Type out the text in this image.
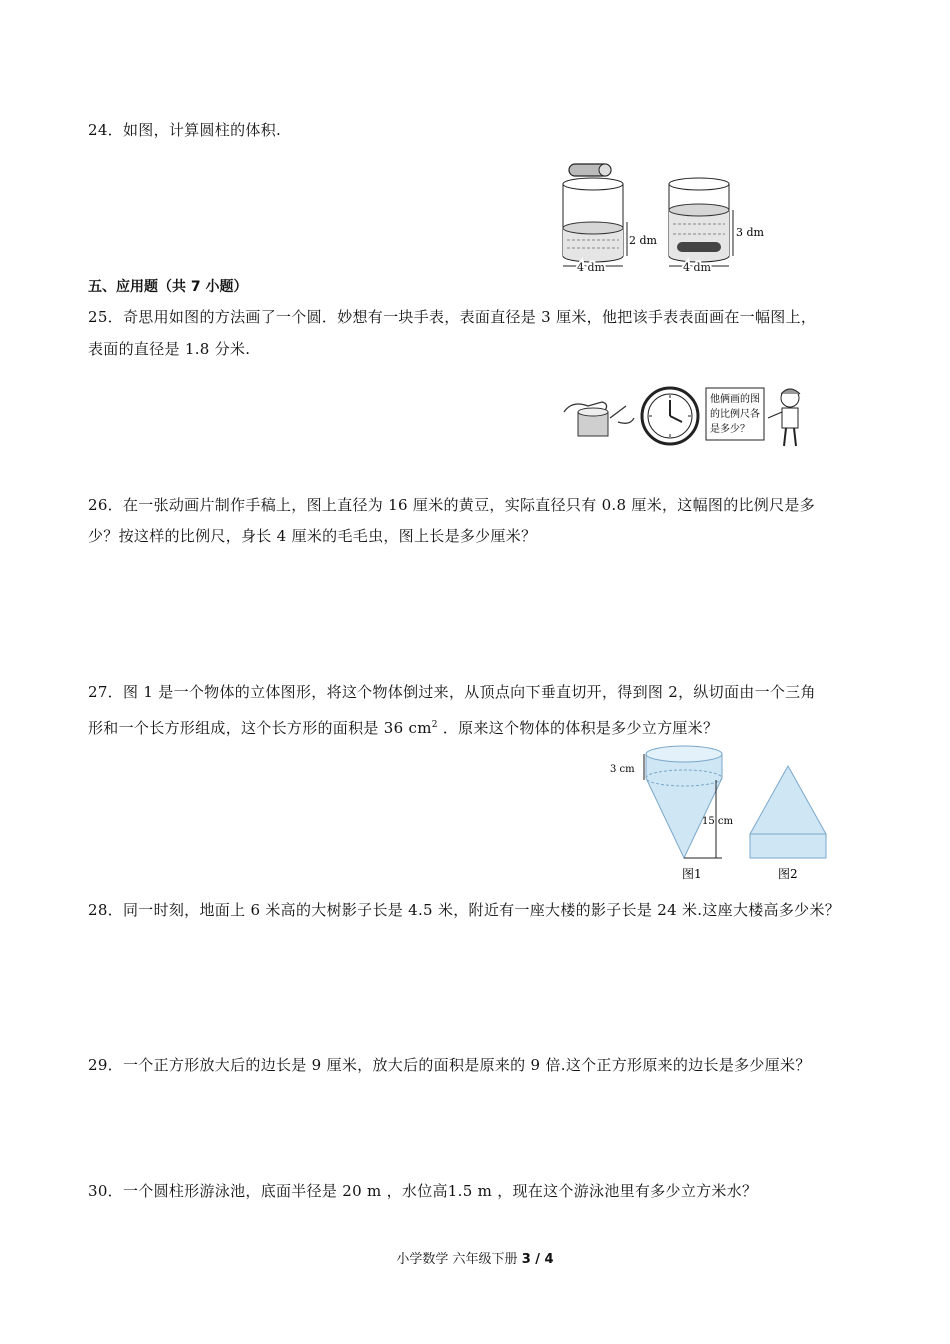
24．如图，计算圆柱的体积.
2 dm
4 dm
3 dm
4 dm
五、应用题（共 7 小题）
25．奇思用如图的方法画了一个圆．妙想有一块手表，表面直径是 3 厘米，他把该手表表面画在一幅图上，
表面的直径是 1.8 分米.
他俩画的图
的比例尺各
是多少？
26．在一张动画片制作手稿上，图上直径为 16 厘米的黄豆，实际直径只有 0.8 厘米，这幅图的比例尺是多
少？按这样的比例尺，身长 4 厘米的毛毛虫，图上长是多少厘米？
27．图 1 是一个物体的立体图形，将这个物体倒过来，从顶点向下垂直切开，得到图 2，纵切面由一个三角
形和一个长方形组成，这个长方形的面积是 36 $cm^2$ ．原来这个物体的体积是多少立方厘米？
3 cm
15 cm
图1	图2
28．同一时刻，地面上 6 米高的大树影子长是 4.5 米，附近有一座大楼的影子长是 24 米.这座大楼高多少米？
29．一个正方形放大后的边长是 9 厘米，放大后的面积是原来的 9 倍.这个正方形原来的边长是多少厘米？
30．一个圆柱形游泳池，底面半径是 20 m ，水位高1.5 m ，现在这个游泳池里有多少立方米水？
小学数学 六年级下册 3 / 4
